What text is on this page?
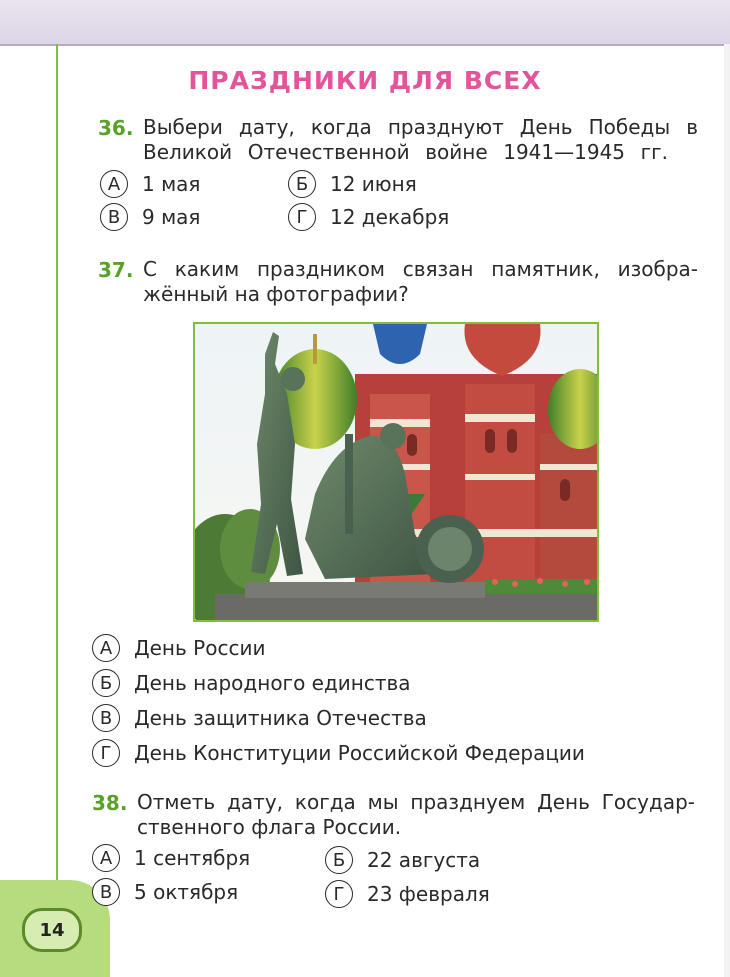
14
ПРАЗДНИКИ ДЛЯ ВСЕХ
36. Выбери дату, когда празднуют День Победы в
Великой Отечественной войне 1941—1945 гг.
А	1 мая	Б	12 июня
В	9 мая	Г	12 декабря
37. С каким праздником связан памятник, изобра-
жённый на фотографии?
А	День России
Б	День народного единства
В	День защитника Отечества
Г	День Конституции Российской Федерации
38. Отметь дату, когда мы празднуем День Государ-
ственного флага России.
А	1 сентября	Б	22 августа
В	5 октября	Г	23 февраля
